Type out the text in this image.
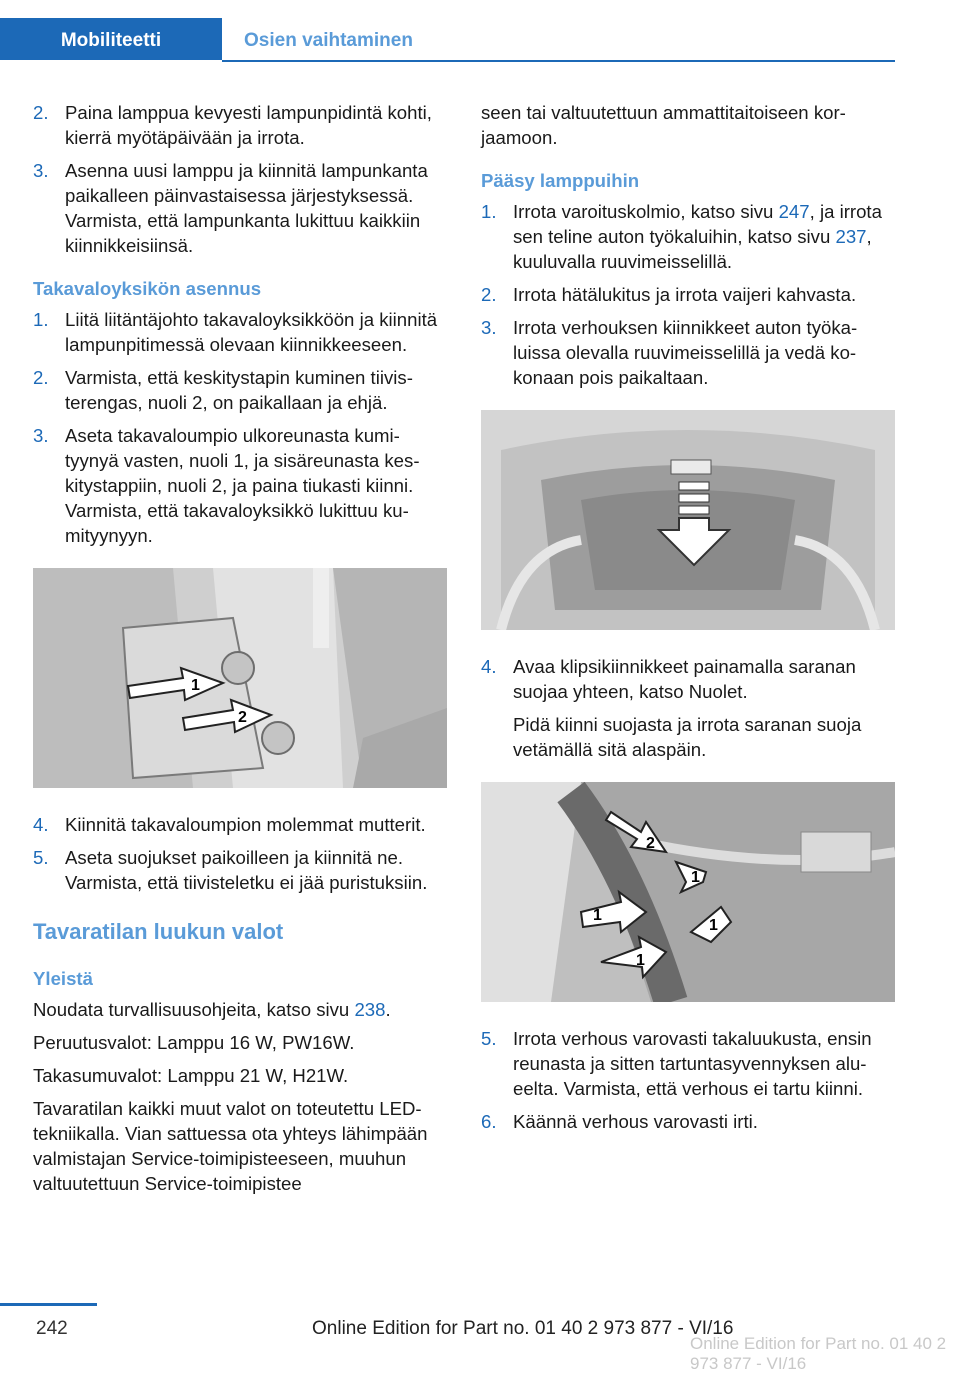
Mobiliteetti	Osien vaihtaminen
2. Paina lamppua kevyesti lampunpidintä kohti, kierrä myötäpäivään ja irrota.
3. Asenna uusi lamppu ja kiinnitä lampunkanta paikalleen päinvastaisessa järjestyksessä. Varmista, että lampunkanta lukittuu kaikkiin kiinnikkeisiinsä.
Takavaloyksikön asennus
1. Liitä liitäntäjohto takavaloyksikköön ja kiinnitä lampunpitimessä olevaan kiinnikkeeseen.
2. Varmista, että keskitystapin kuminen tiivisterengas, nuoli 2, on paikallaan ja ehjä.
3. Aseta takavaloumpio ulkoreunasta kumityynyä vasten, nuoli 1, ja sisäreunasta keskitystappiin, nuoli 2, ja paina tiukasti kiinni. Varmista, että takavaloyksikkö lukittuu kumityynyyn.
1
2
4. Kiinnitä takavaloumpion molemmat mutterit.
5. Aseta suojukset paikoilleen ja kiinnitä ne. Varmista, että tiivisteletku ei jää puristuksiin.
Tavaratilan luukun valot
Yleistä
Noudata turvallisuusohjeita, katso sivu 238.
Peruutusvalot: Lamppu 16 W, PW16W.
Takasumuvalot: Lamppu 21 W, H21W.
Tavaratilan kaikki muut valot on toteutettu LED-tekniikalla. Vian sattuessa ota yhteys lähimpään valmistajan Service-toimipisteeseen, muuhun valtuutettuun Service-toimipistee
seen tai valtuutettuun ammattitaitoiseen korjaamoon.
Pääsy lamppuihin
1. Irrota varoituskolmio, katso sivu 247, ja irrota sen teline auton työkaluihin, katso sivu 237, kuuluvalla ruuvimeisselillä.
2. Irrota hätälukitus ja irrota vaijeri kahvasta.
3. Irrota verhouksen kiinnikkeet auton työkaluissa olevalla ruuvimeisselillä ja vedä kokonaan pois paikaltaan.
4. Avaa klipsikiinnikkeet painamalla saranan suojaa yhteen, katso Nuolet.
Pidä kiinni suojasta ja irrota saranan suoja vetämällä sitä alaspäin.
2
1
1
1
1
5. Irrota verhous varovasti takaluukusta, ensin reunasta ja sitten tartuntasyvennyksen alueelta. Varmista, että verhous ei tartu kiinni.
6. Käännä verhous varovasti irti.
242	Online Edition for Part no. 01 40 2 973 877 - VI/16
Online Edition for Part no. 01 40 2 973 877 - VI/16
